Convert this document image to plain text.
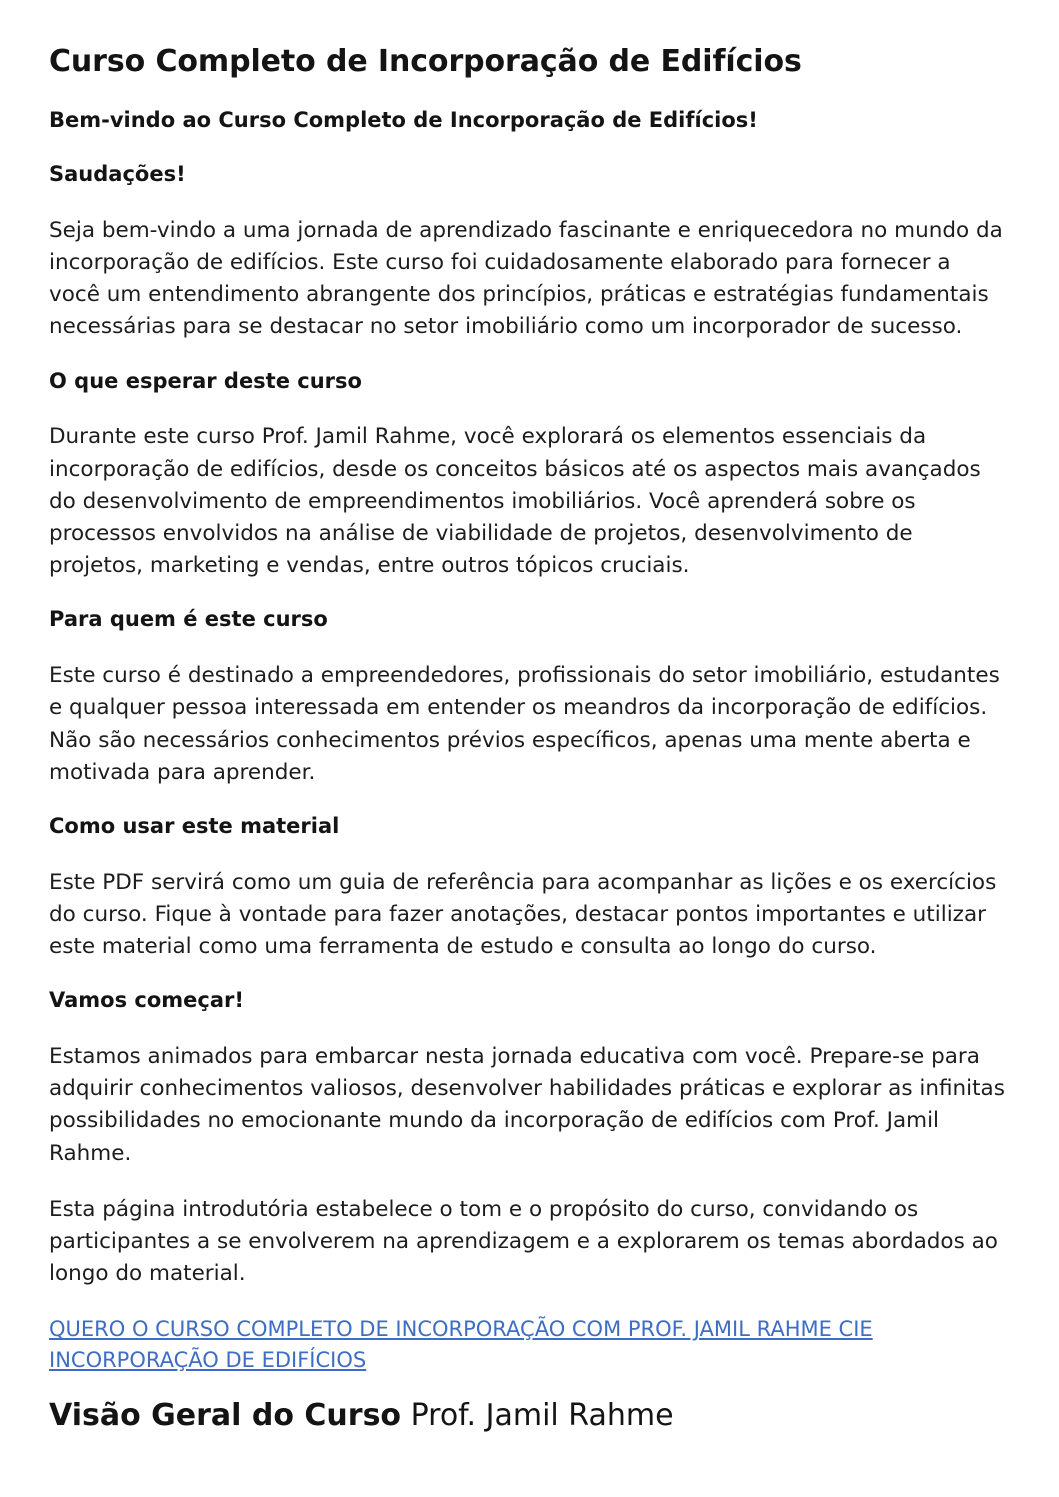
Curso Completo de Incorporação de Edifícios

Bem-vindo ao Curso Completo de Incorporação de Edifícios!

Saudações!

Seja bem-vindo a uma jornada de aprendizado fascinante e enriquecedora no mundo da incorporação de edifícios. Este curso foi cuidadosamente elaborado para fornecer a você um entendimento abrangente dos princípios, práticas e estratégias fundamentais necessárias para se destacar no setor imobiliário como um incorporador de sucesso.

O que esperar deste curso

Durante este curso Prof. Jamil Rahme, você explorará os elementos essenciais da incorporação de edifícios, desde os conceitos básicos até os aspectos mais avançados do desenvolvimento de empreendimentos imobiliários. Você aprenderá sobre os processos envolvidos na análise de viabilidade de projetos, desenvolvimento de projetos, marketing e vendas, entre outros tópicos cruciais.

Para quem é este curso

Este curso é destinado a empreendedores, profissionais do setor imobiliário, estudantes e qualquer pessoa interessada em entender os meandros da incorporação de edifícios. Não são necessários conhecimentos prévios específicos, apenas uma mente aberta e motivada para aprender.

Como usar este material

Este PDF servirá como um guia de referência para acompanhar as lições e os exercícios do curso. Fique à vontade para fazer anotações, destacar pontos importantes e utilizar este material como uma ferramenta de estudo e consulta ao longo do curso.

Vamos começar!

Estamos animados para embarcar nesta jornada educativa com você. Prepare-se para adquirir conhecimentos valiosos, desenvolver habilidades práticas e explorar as infinitas possibilidades no emocionante mundo da incorporação de edifícios com Prof. Jamil Rahme.

Esta página introdutória estabelece o tom e o propósito do curso, convidando os participantes a se envolverem na aprendizagem e a explorarem os temas abordados ao longo do material.

QUERO O CURSO COMPLETO DE INCORPORAÇÃO COM PROF. JAMIL RAHME CIE INCORPORAÇÃO DE EDIFÍCIOS
Visão Geral do Curso Prof. Jamil Rahme
